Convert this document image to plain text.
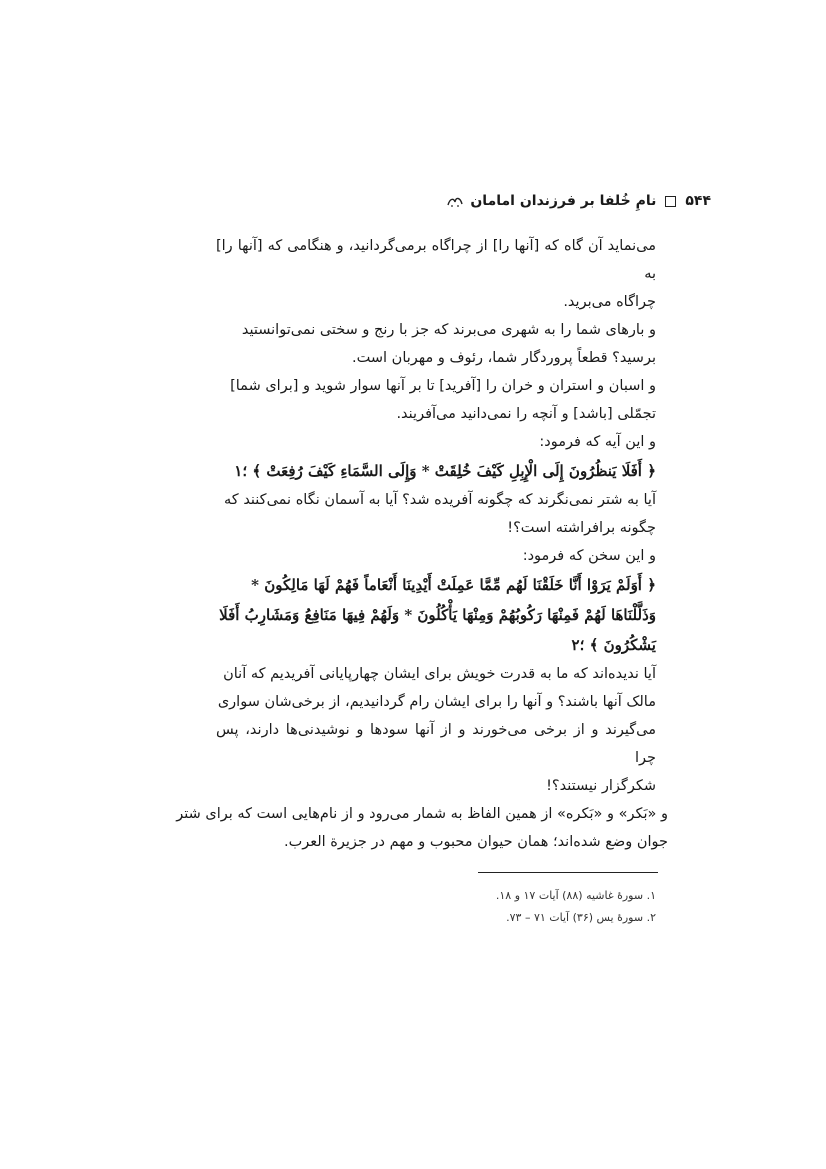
۵۴۴
نامِ خُلفا بر فرزندان امامان

می‌نماید آن گاه که [آنها را] از چراگاه برمی‌گردانید، و هنگامی که [آنها را] به

چراگاه می‌برید.

و بارهای شما را به شهری می‌برند که جز با رنج و سختی نمی‌توانستید

برسید؟ قطعاً پروردگار شما، رئوف و مهربان است.

و اسبان و استران و خران را [آفرید] تا بر آنها سوار شوید و [برای شما]

تجمّلی [باشد] و آنچه را نمی‌دانید می‌آفریند.

و این آیه که فرمود:

﴿ أَفَلَا يَنظُرُونَ إِلَى الْإِبِلِ كَيْفَ خُلِقَتْ * وَإِلَى السَّمَاءِ كَيْفَ رُفِعَتْ ﴾ ؛١

آیا به شتر نمی‌نگرند که چگونه آفریده شد؟ آیا به آسمان نگاه نمی‌کنند که

چگونه برافراشته است؟!

و این سخن که فرمود:

﴿ أَوَلَمْ يَرَوْا أَنَّا خَلَقْنَا لَهُم مِّمَّا عَمِلَتْ أَيْدِينَا أَنْعَاماً فَهُمْ لَهَا مَالِكُونَ *

وَذَلَّلْنَاهَا لَهُمْ فَمِنْهَا رَكُوبُهُمْ وَمِنْهَا يَأْكُلُونَ * وَلَهُمْ فِيهَا مَنَافِعُ وَمَشَارِبُ أَفَلَا

يَشْكُرُونَ ﴾ ؛٢

آیا ندیده‌اند که ما به قدرت خویش برای ایشان چهارپایانی آفریدیم که آنان

مالک آنها باشند؟ و آنها را برای ایشان رام گردانیدیم، از برخی‌شان سواری

می‌گیرند و از برخی می‌خورند و از آنها سودها و نوشیدنی‌ها دارند، پس چرا

شکرگزار نیستند؟!

و «بَکر» و «بَکره» از همین الفاظ به شمار می‌رود و از نام‌هایی است که برای شتر

جوان وضع شده‌اند؛ همان حیوان محبوب و مهم در جزیرة العرب.

١. سورهٔ غاشیه (٨٨) آیات ١٧ و ١٨.

٢. سورهٔ یس (٣۶) آیات ٧١ – ٧٣.
